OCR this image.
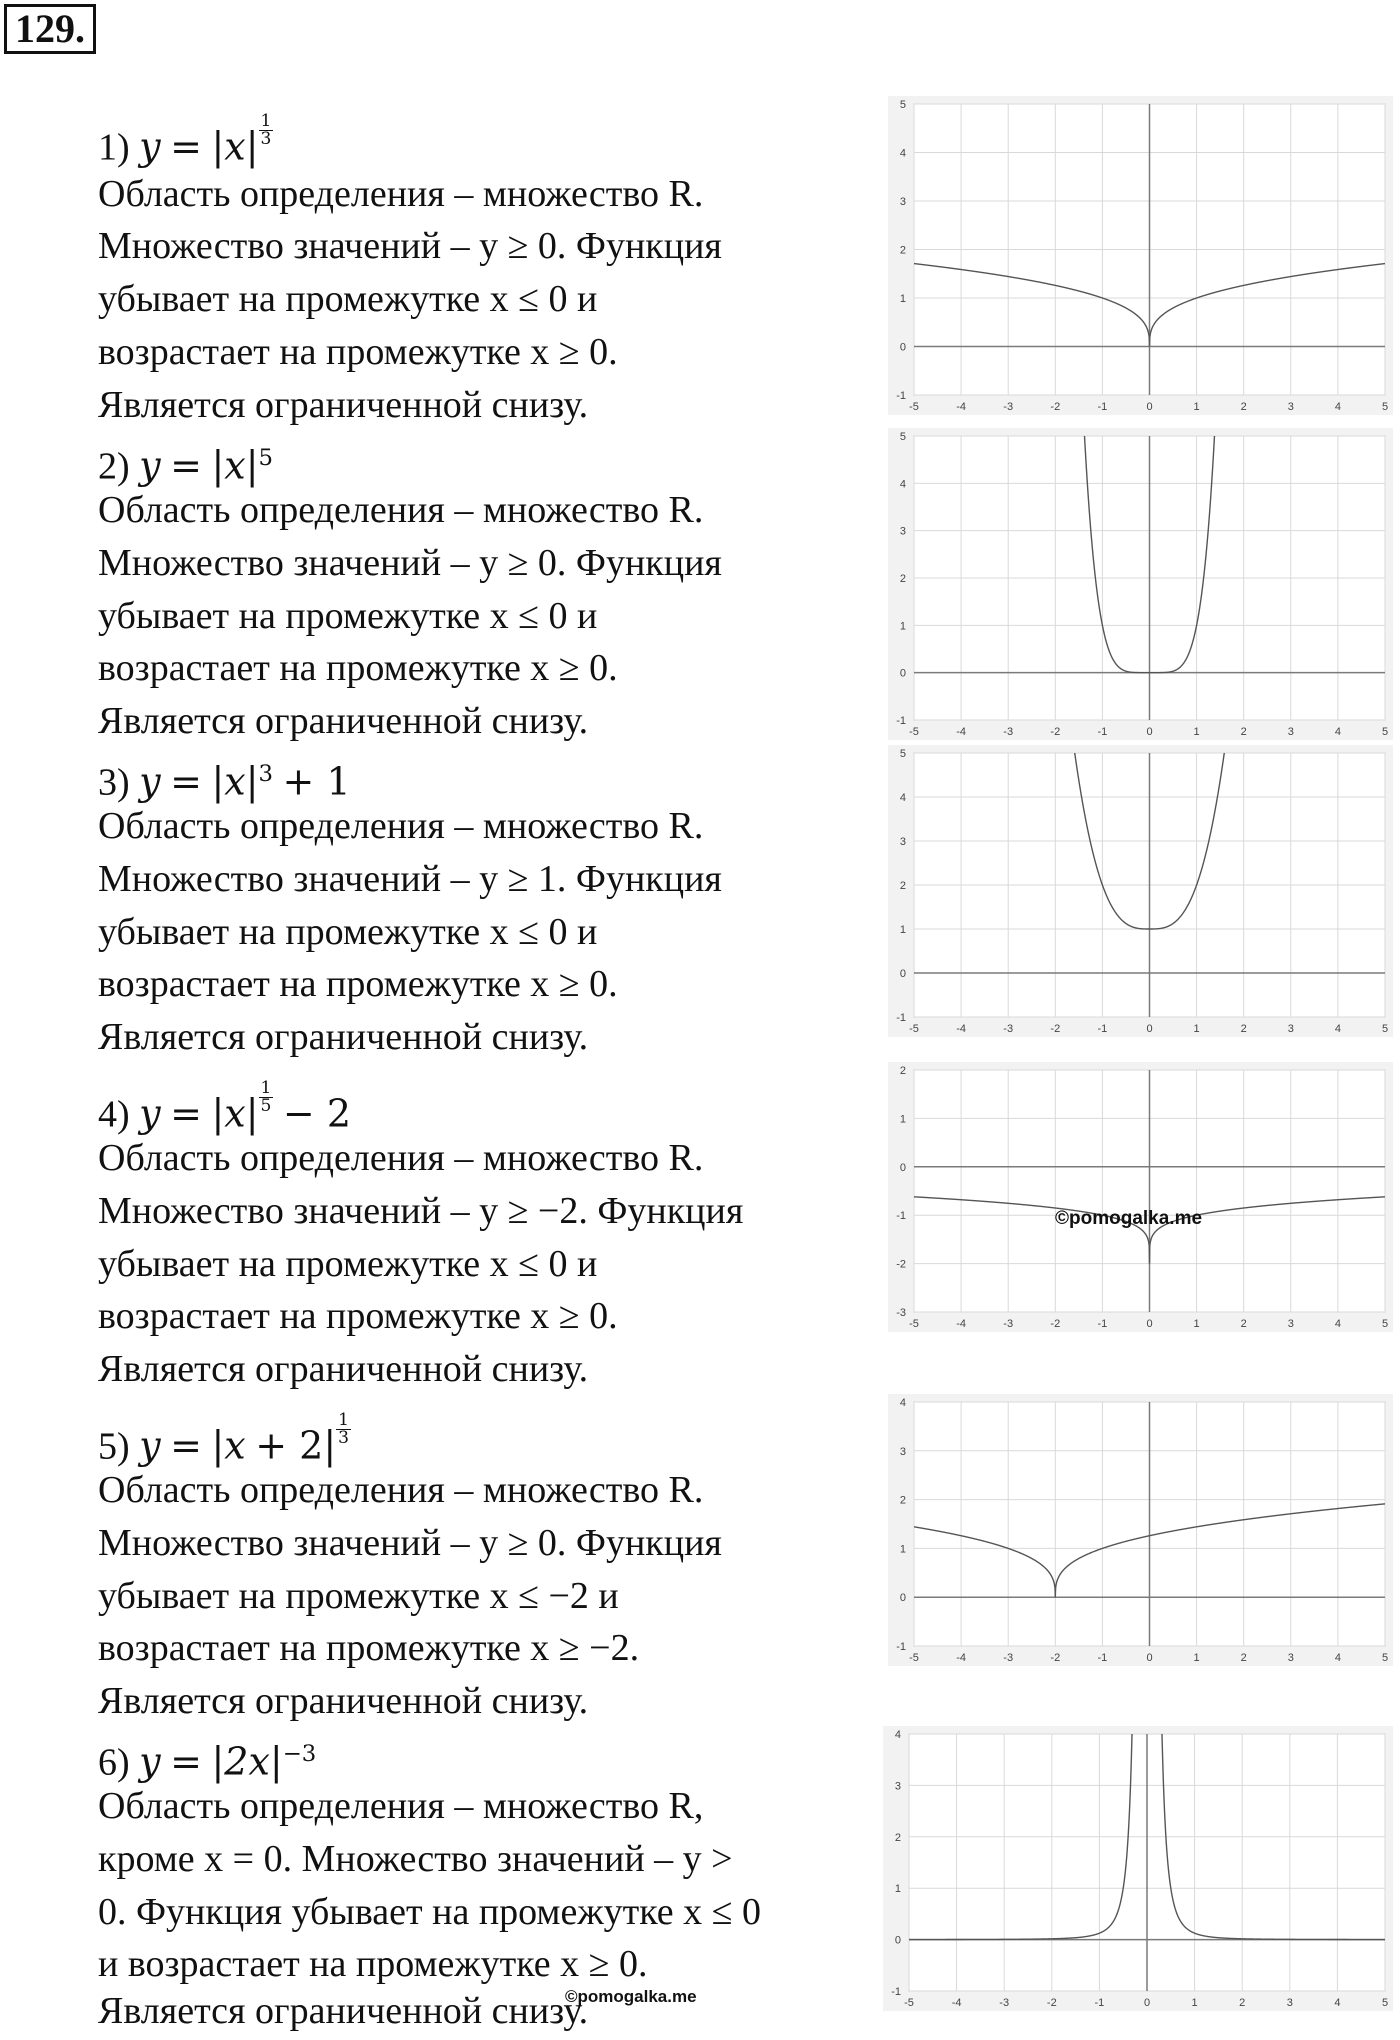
129.
1) $y = |x| \frac{1}{3}$
Область определения – множество R.
Множество значений – y ≥ 0. Функция
убывает на промежутке x ≤ 0 и
возрастает на промежутке x ≥ 0.
Является ограниченной снизу.
2) $y = |x|^5$
Область определения – множество R.
Множество значений – y ≥ 0. Функция
убывает на промежутке x ≤ 0 и
возрастает на промежутке x ≥ 0.
Является ограниченной снизу.
3) $y = |x|^3 + 1$
Область определения – множество R.
Множество значений – y ≥ 1. Функция
убывает на промежутке x ≤ 0 и
возрастает на промежутке x ≥ 0.
Является ограниченной снизу.
4) $y = |x| \frac{1}{5} - 2$
Область определения – множество R.
Множество значений – y ≥ −2. Функция
убывает на промежутке x ≤ 0 и
возрастает на промежутке x ≥ 0.
Является ограниченной снизу.
5) $y = |x + 2| \frac{1}{3}$
Область определения – множество R.
Множество значений – y ≥ 0. Функция
убывает на промежутке x ≤ −2 и
возрастает на промежутке x ≥ −2.
Является ограниченной снизу.
6) $y = |2x|^{-3}$
Область определения – множество R,
кроме x = 0. Множество значений – y >
0. Функция убывает на промежутке x ≤ 0
и возрастает на промежутке x ≥ 0.
Является ограниченной снизу.
-5	-4	-3	-2	-1	0	1	2	3	4	5
-1
0
1
2
3
4
5
-5	-4	-3	-2	-1	0	1	2	3	4	5
-1
0
1
2
3
4
5
-5	-4	-3	-2	-1	0	1	2	3	4	5
-1
0
1
2
3
4
5
-5	-4	-3	-2	-1	0	1	2	3	4	5
-3
-2
-1
0
1
2
-5	-4	-3	-2	-1	0	1	2	3	4	5
-1
0
1
2
3
4
-5	-4	-3	-2	-1	0	1	2	3	4	5
-1
0
1
2
3
4
©pomogalka.me
©pomogalka.me
